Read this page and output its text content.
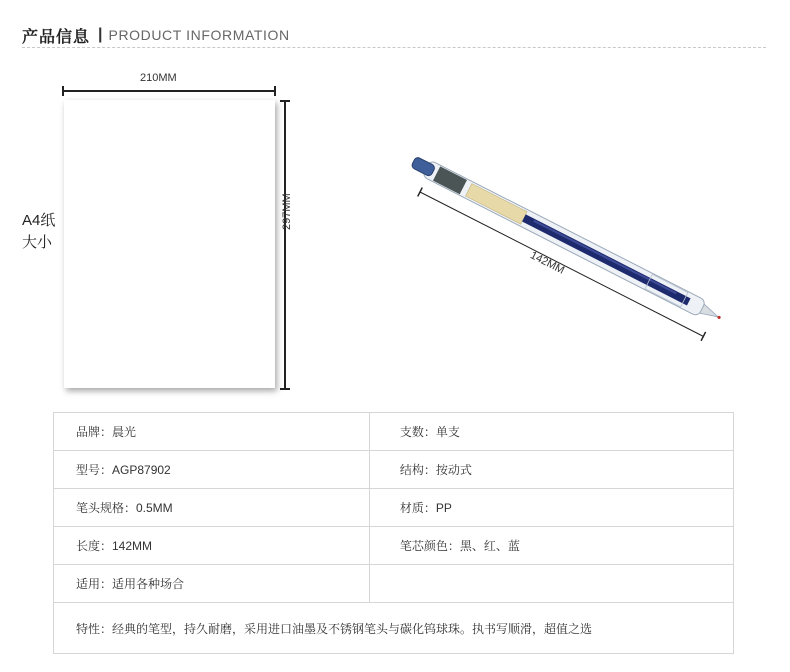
产品信息 | PRODUCT INFORMATION
210MM
297MM
A4纸
大小
142MM
品牌：晨光	支数：单支
型号：AGP87902	结构：按动式
笔头规格：0.5MM	材质：PP
长度：142MM	笔芯颜色：黑、红、蓝
适用：适用各种场合	
特性：经典的笔型，持久耐磨，采用进口油墨及不锈钢笔头与碳化钨球珠。执书写顺滑，超值之选	
